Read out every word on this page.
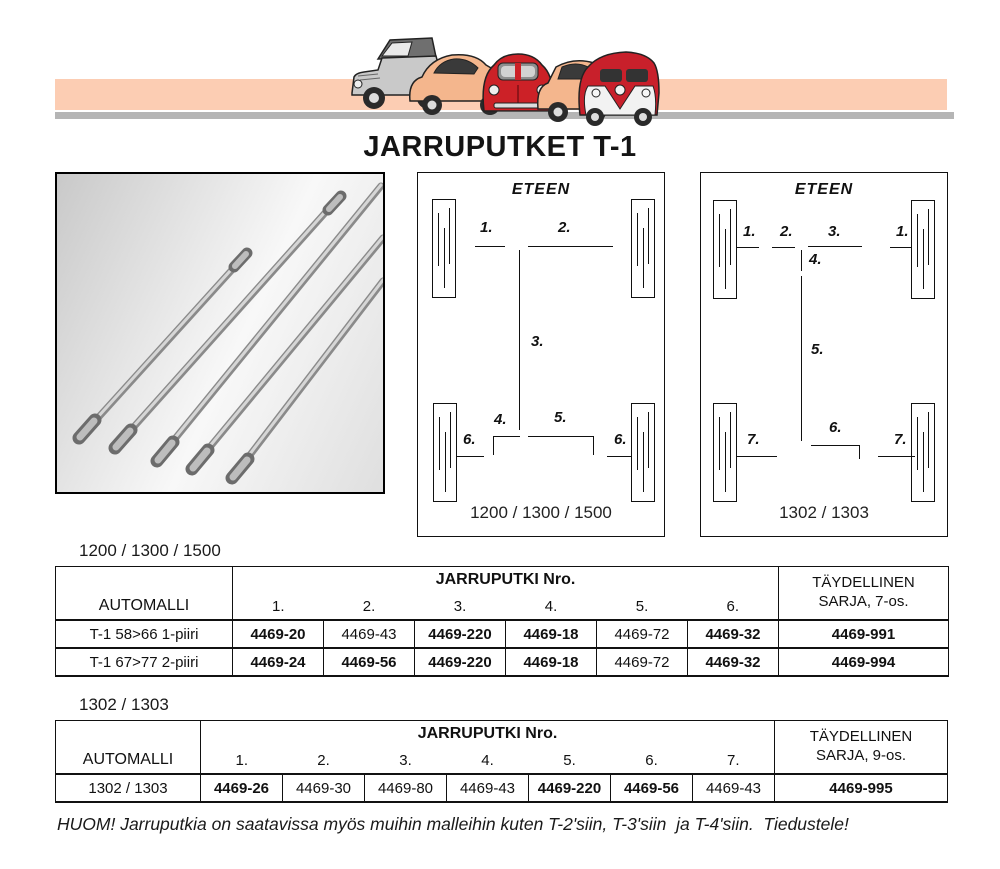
JARRUPUTKET T-1
ETEEN
1.	2.
3.
4.	5.
6.	6.
1200 / 1300 / 1500
ETEEN
1. 2. 3.	1.
4.
5.
6.
7.	7.
1302 / 1303
1200 / 1300 / 1500
AUTOMALLI	JARRUPUTKI Nro.						TÄYDELLINEN
SARJA, 7-os.

	1.	2.	3.	4.	5.	6.	
T-1 58>66 1-piiri	4469-20	4469-43	4469-220	4469-18	4469-72	4469-32	4469-991
T-1 67>77 2-piiri	4469-24	4469-56	4469-220	4469-18	4469-72	4469-32	4469-994
1302 / 1303
AUTOMALLI	JARRUPUTKI Nro.							TÄYDELLINEN
SARJA, 9-os.

	1.	2.	3.	4.	5.	6.	7.	
1302 / 1303	4469-26	4469-30	4469-80	4469-43	4469-220	4469-56	4469-43	4469-995
HUOM! Jarruputkia on saatavissa myös muihin malleihin kuten T-2'siin, T-3'siin  ja T-4'siin.  Tiedustele!
